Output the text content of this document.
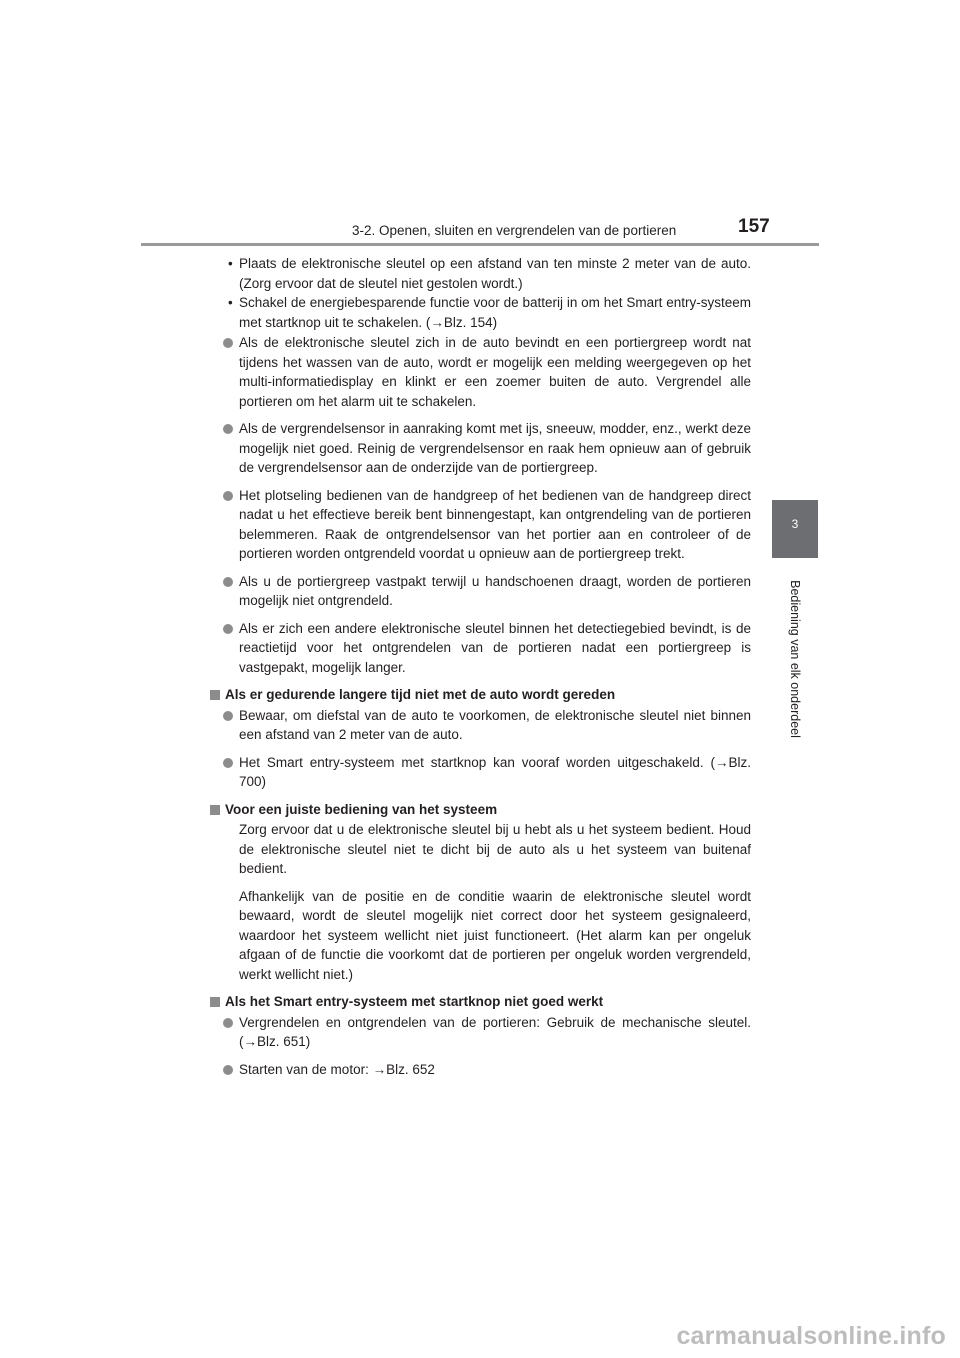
3-2. Openen, sluiten en vergrendelen van de portieren	157
3
Bediening van elk onderdeel
• Plaats de elektronische sleutel op een afstand van ten minste 2 meter van de auto. (Zorg ervoor dat de sleutel niet gestolen wordt.)
• Schakel de energiebesparende functie voor de batterij in om het Smart entry-systeem met startknop uit te schakelen. (→Blz. 154)
Als de elektronische sleutel zich in de auto bevindt en een portiergreep wordt nat tijdens het wassen van de auto, wordt er mogelijk een melding weergegeven op het multi-informatiedisplay en klinkt er een zoemer buiten de auto. Vergrendel alle portieren om het alarm uit te schakelen.
Als de vergrendelsensor in aanraking komt met ijs, sneeuw, modder, enz., werkt deze mogelijk niet goed. Reinig de vergrendelsensor en raak hem opnieuw aan of gebruik de vergrendelsensor aan de onderzijde van de portiergreep.
Het plotseling bedienen van de handgreep of het bedienen van de handgreep direct nadat u het effectieve bereik bent binnengestapt, kan ontgrendeling van de portieren belemmeren. Raak de ontgrendelsensor van het portier aan en controleer of de portieren worden ontgrendeld voordat u opnieuw aan de portiergreep trekt.
Als u de portiergreep vastpakt terwijl u handschoenen draagt, worden de portieren mogelijk niet ontgrendeld.
Als er zich een andere elektronische sleutel binnen het detectiegebied bevindt, is de reactietijd voor het ontgrendelen van de portieren nadat een portiergreep is vastgepakt, mogelijk langer.
Als er gedurende langere tijd niet met de auto wordt gereden
Bewaar, om diefstal van de auto te voorkomen, de elektronische sleutel niet binnen een afstand van 2 meter van de auto.
Het Smart entry-systeem met startknop kan vooraf worden uitgeschakeld. (→Blz. 700)
Voor een juiste bediening van het systeem
Zorg ervoor dat u de elektronische sleutel bij u hebt als u het systeem bedient. Houd de elektronische sleutel niet te dicht bij de auto als u het systeem van buitenaf bedient.
Afhankelijk van de positie en de conditie waarin de elektronische sleutel wordt bewaard, wordt de sleutel mogelijk niet correct door het systeem gesignaleerd, waardoor het systeem wellicht niet juist functioneert. (Het alarm kan per ongeluk afgaan of de functie die voorkomt dat de portieren per ongeluk worden vergrendeld, werkt wellicht niet.)
Als het Smart entry-systeem met startknop niet goed werkt
Vergrendelen en ontgrendelen van de portieren: Gebruik de mechanische sleutel. (→Blz. 651)
Starten van de motor: →Blz. 652
carmanualsonline.info
